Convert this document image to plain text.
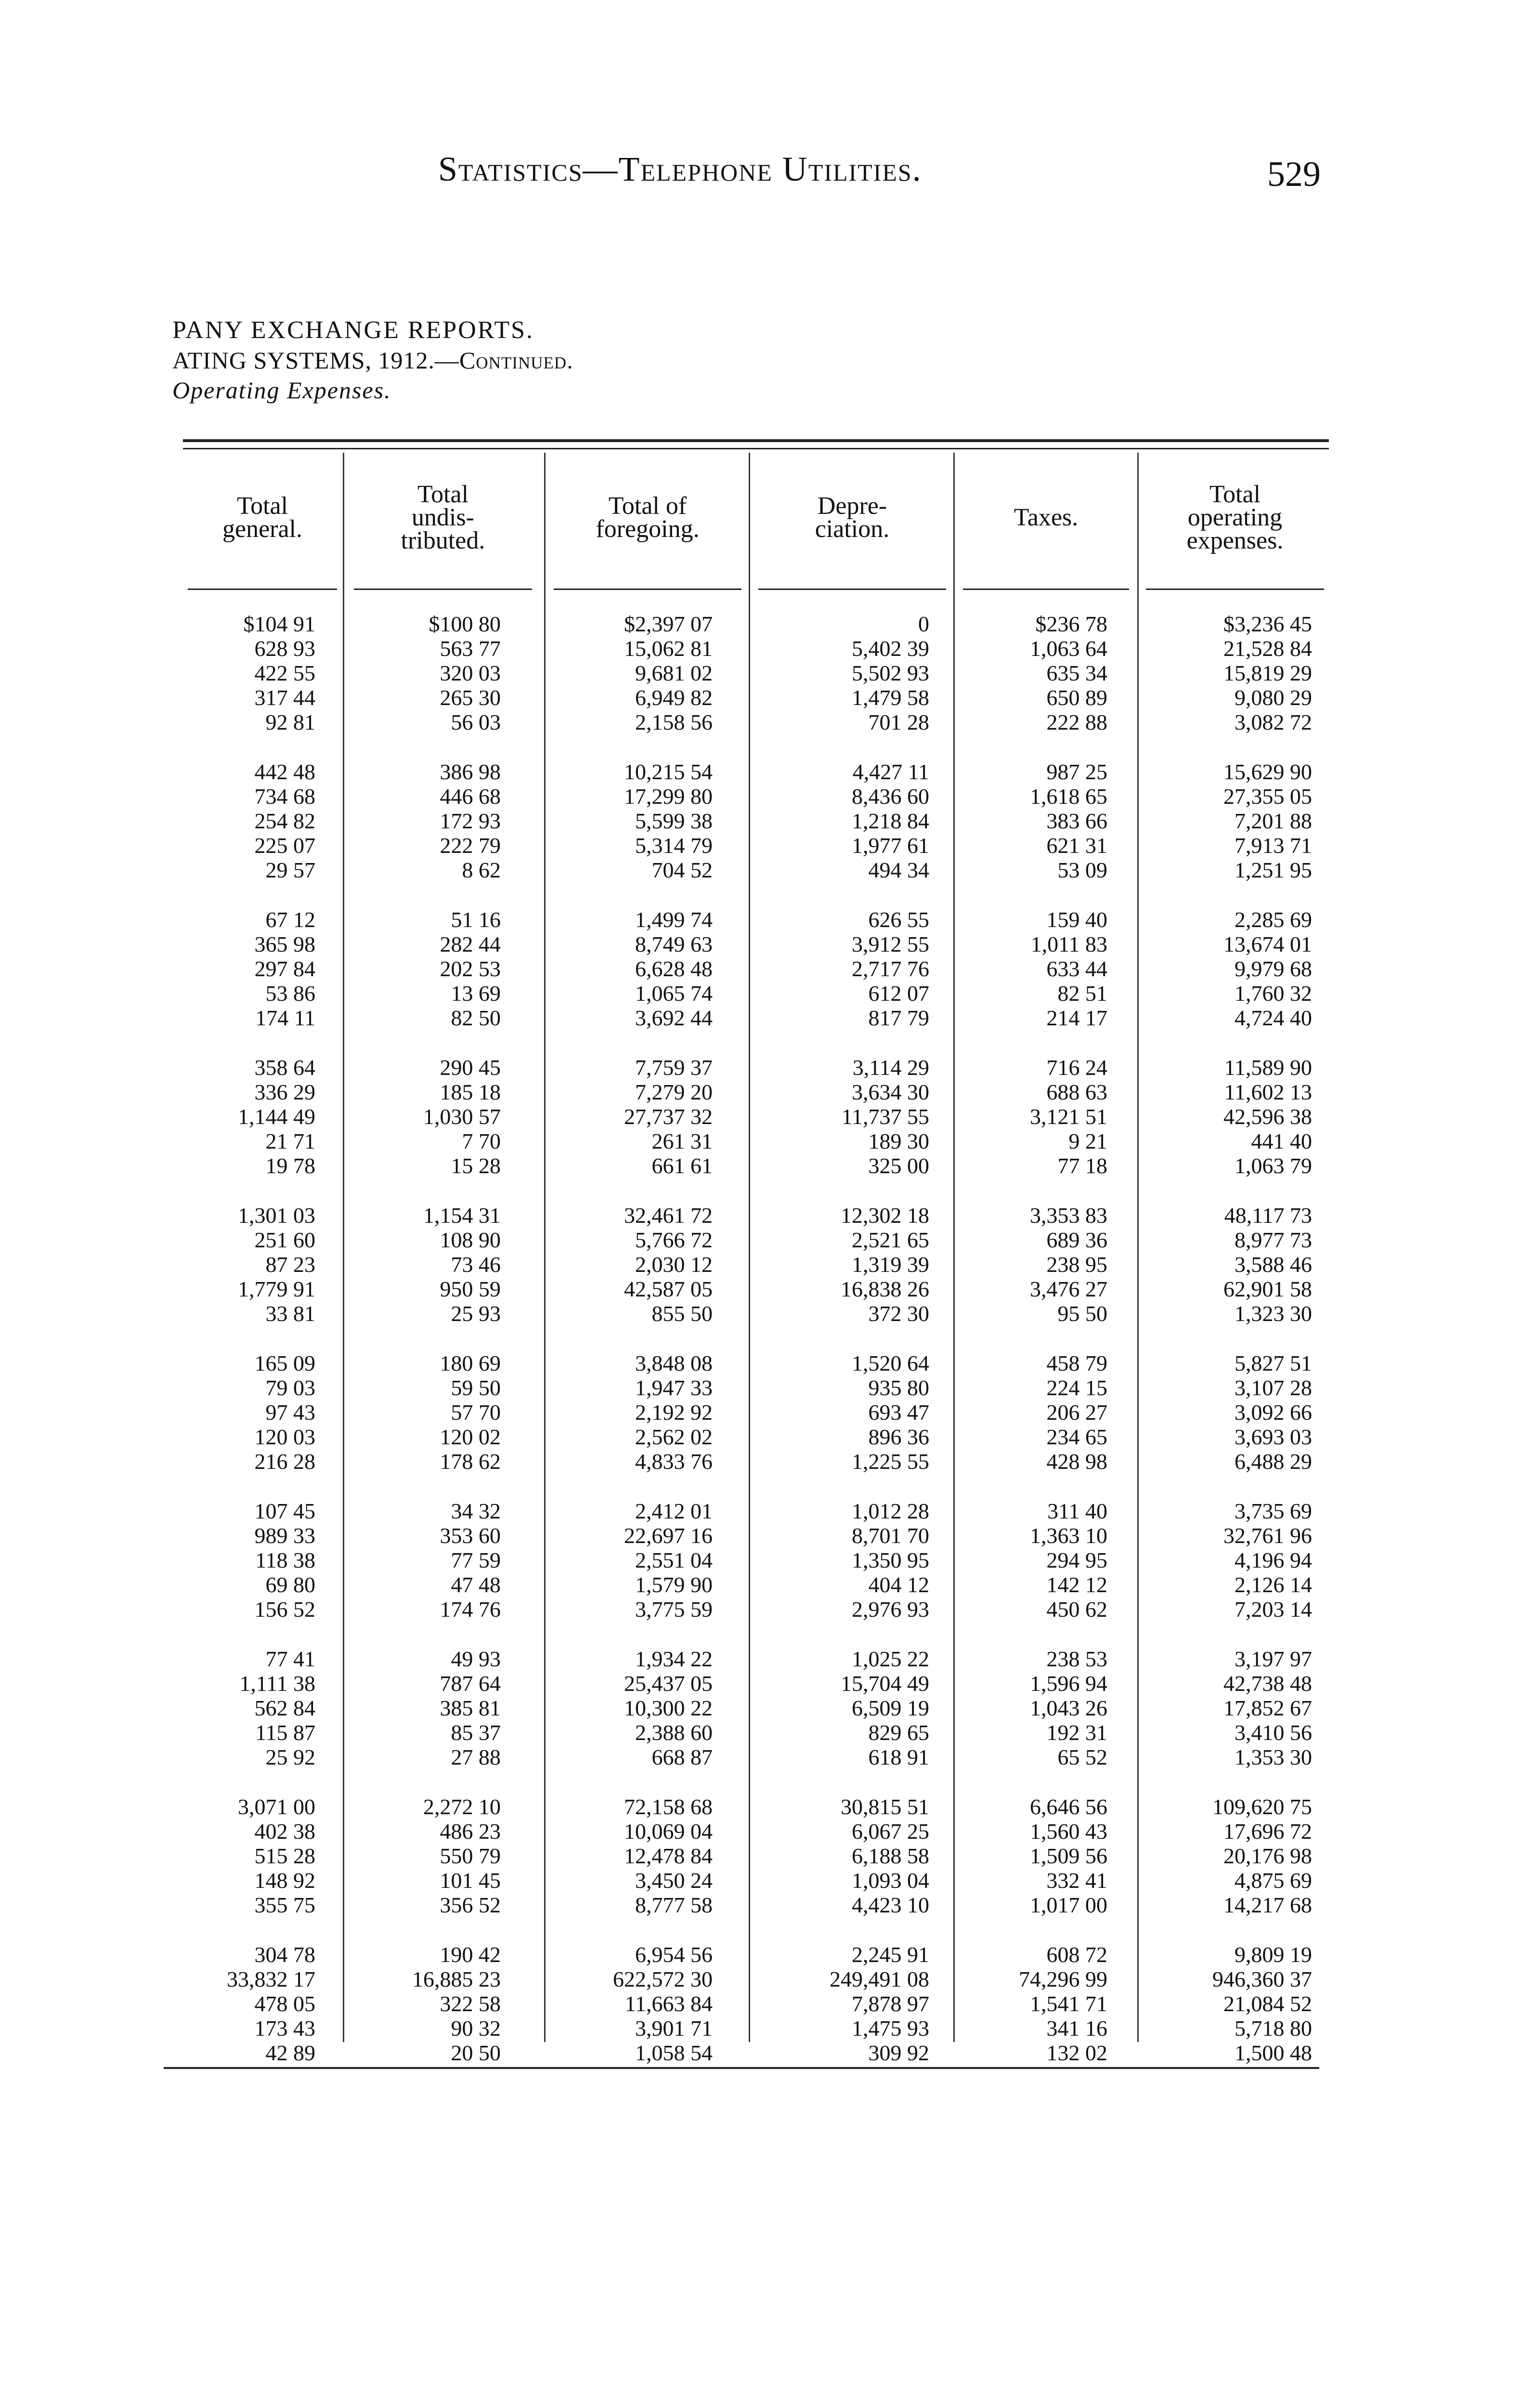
Statistics—Telephone Utilities.	529
PANY EXCHANGE REPORTS.
ATING SYSTEMS, 1912.—Continued.
Operating Expenses.
Total
general.
Total
undis-
tributed.
Total of
foregoing.
Depre-
ciation.	Taxes.
Total
operating
expenses.
$104 91
628 93
422 55
317 44
92 81
442 48
734 68
254 82
225 07
29 57
67 12
365 98
297 84
53 86
174 11
358 64
336 29
1,144 49
21 71
19 78
1,301 03
251 60
87 23
1,779 91
33 81
165 09
79 03
97 43
120 03
216 28
107 45
989 33
118 38
69 80
156 52
77 41
1,111 38
562 84
115 87
25 92
3,071 00
402 38
515 28
148 92
355 75
304 78
33,832 17
478 05
173 43
42 89
$100 80
563 77
320 03
265 30
56 03
386 98
446 68
172 93
222 79
8 62
51 16
282 44
202 53
13 69
82 50
290 45
185 18
1,030 57
7 70
15 28
1,154 31
108 90
73 46
950 59
25 93
180 69
59 50
57 70
120 02
178 62
34 32
353 60
77 59
47 48
174 76
49 93
787 64
385 81
85 37
27 88
2,272 10
486 23
550 79
101 45
356 52
190 42
16,885 23
322 58
90 32
20 50
$2,397 07
15,062 81
9,681 02
6,949 82
2,158 56
10,215 54
17,299 80
5,599 38
5,314 79
704 52
1,499 74
8,749 63
6,628 48
1,065 74
3,692 44
7,759 37
7,279 20
27,737 32
261 31
661 61
32,461 72
5,766 72
2,030 12
42,587 05
855 50
3,848 08
1,947 33
2,192 92
2,562 02
4,833 76
2,412 01
22,697 16
2,551 04
1,579 90
3,775 59
1,934 22
25,437 05
10,300 22
2,388 60
668 87
72,158 68
10,069 04
12,478 84
3,450 24
8,777 58
6,954 56
622,572 30
11,663 84
3,901 71
1,058 54
0
5,402 39
5,502 93
1,479 58
701 28
4,427 11
8,436 60
1,218 84
1,977 61
494 34
626 55
3,912 55
2,717 76
612 07
817 79
3,114 29
3,634 30
11,737 55
189 30
325 00
12,302 18
2,521 65
1,319 39
16,838 26
372 30
1,520 64
935 80
693 47
896 36
1,225 55
1,012 28
8,701 70
1,350 95
404 12
2,976 93
1,025 22
15,704 49
6,509 19
829 65
618 91
30,815 51
6,067 25
6,188 58
1,093 04
4,423 10
2,245 91
249,491 08
7,878 97
1,475 93
309 92
$236 78
1,063 64
635 34
650 89
222 88
987 25
1,618 65
383 66
621 31
53 09
159 40
1,011 83
633 44
82 51
214 17
716 24
688 63
3,121 51
9 21
77 18
3,353 83
689 36
238 95
3,476 27
95 50
458 79
224 15
206 27
234 65
428 98
311 40
1,363 10
294 95
142 12
450 62
238 53
1,596 94
1,043 26
192 31
65 52
6,646 56
1,560 43
1,509 56
332 41
1,017 00
608 72
74,296 99
1,541 71
341 16
132 02
$3,236 45
21,528 84
15,819 29
9,080 29
3,082 72
15,629 90
27,355 05
7,201 88
7,913 71
1,251 95
2,285 69
13,674 01
9,979 68
1,760 32
4,724 40
11,589 90
11,602 13
42,596 38
441 40
1,063 79
48,117 73
8,977 73
3,588 46
62,901 58
1,323 30
5,827 51
3,107 28
3,092 66
3,693 03
6,488 29
3,735 69
32,761 96
4,196 94
2,126 14
7,203 14
3,197 97
42,738 48
17,852 67
3,410 56
1,353 30
109,620 75
17,696 72
20,176 98
4,875 69
14,217 68
9,809 19
946,360 37
21,084 52
5,718 80
1,500 48
